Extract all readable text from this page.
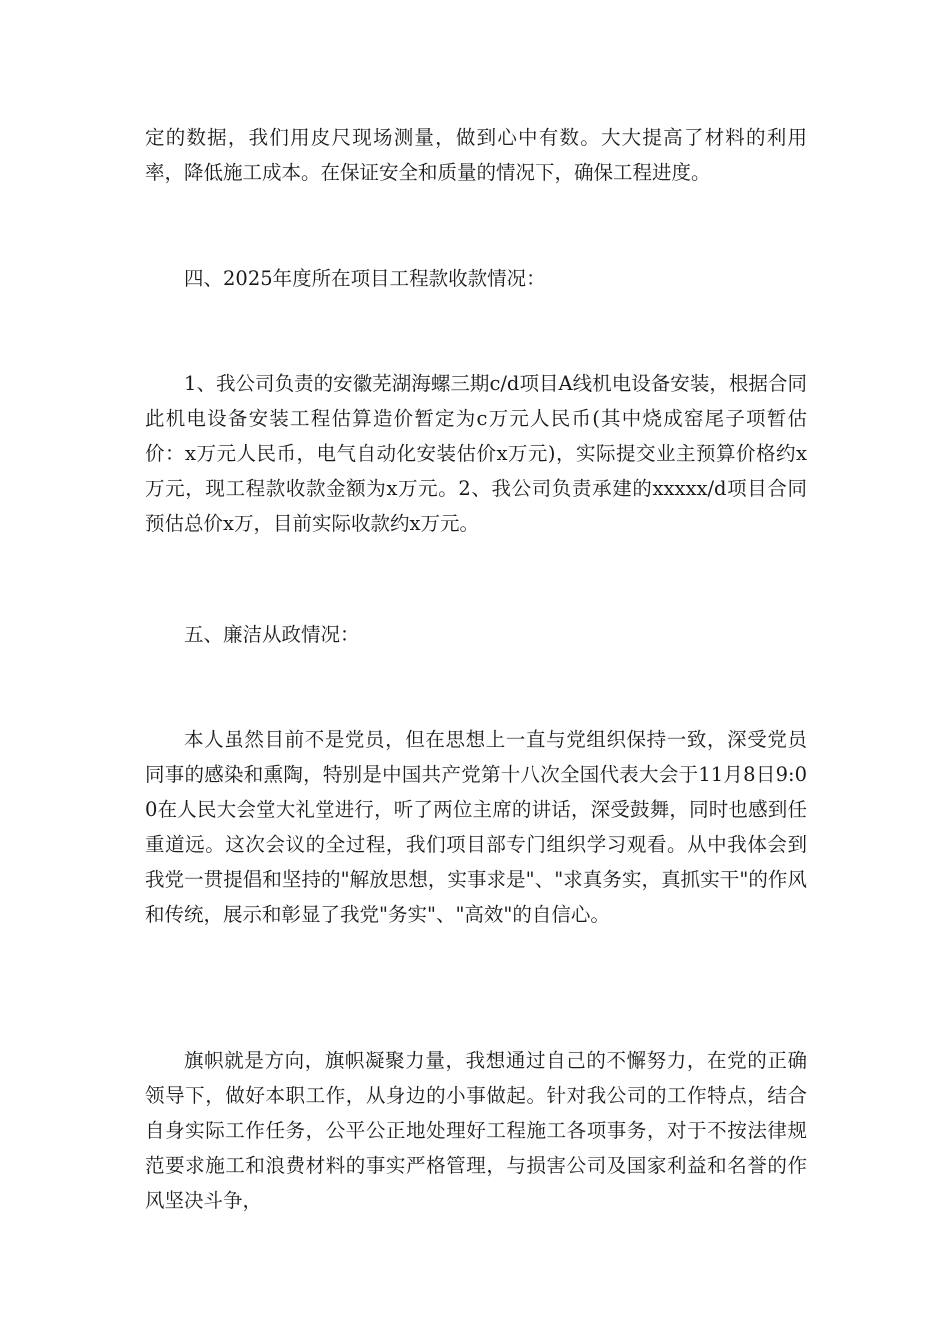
定的数据，我们用皮尺现场测量，做到心中有数。大大提高了材料的利用率，降低施工成本。在保证安全和质量的情况下，确保工程进度。

四、2025年度所在项目工程款收款情况：

1、我公司负责的安徽芜湖海螺三期c/d项目A线机电设备安装，根据合同此机电设备安装工程估算造价暂定为c万元人民币(其中烧成窑尾子项暂估价：x万元人民币，电气自动化安装估价x万元)，实际提交业主预算价格约x万元，现工程款收款金额为x万元。2、我公司负责承建的xxxxx/d项目合同预估总价x万，目前实际收款约x万元。

五、廉洁从政情况：

本人虽然目前不是党员，但在思想上一直与党组织保持一致，深受党员同事的感染和熏陶，特别是中国共产党第十八次全国代表大会于11月8日9:00在人民大会堂大礼堂进行，听了两位主席的讲话，深受鼓舞，同时也感到任重道远。这次会议的全过程，我们项目部专门组织学习观看。从中我体会到我党一贯提倡和坚持的"解放思想，实事求是"、"求真务实，真抓实干"的作风和传统，展示和彰显了我党"务实"、"高效"的自信心。

旗帜就是方向，旗帜凝聚力量，我想通过自己的不懈努力，在党的正确领导下，做好本职工作，从身边的小事做起。针对我公司的工作特点，结合自身实际工作任务，公平公正地处理好工程施工各项事务，对于不按法律规范要求施工和浪费材料的事实严格管理，与损害公司及国家利益和名誉的作风坚决斗争，
